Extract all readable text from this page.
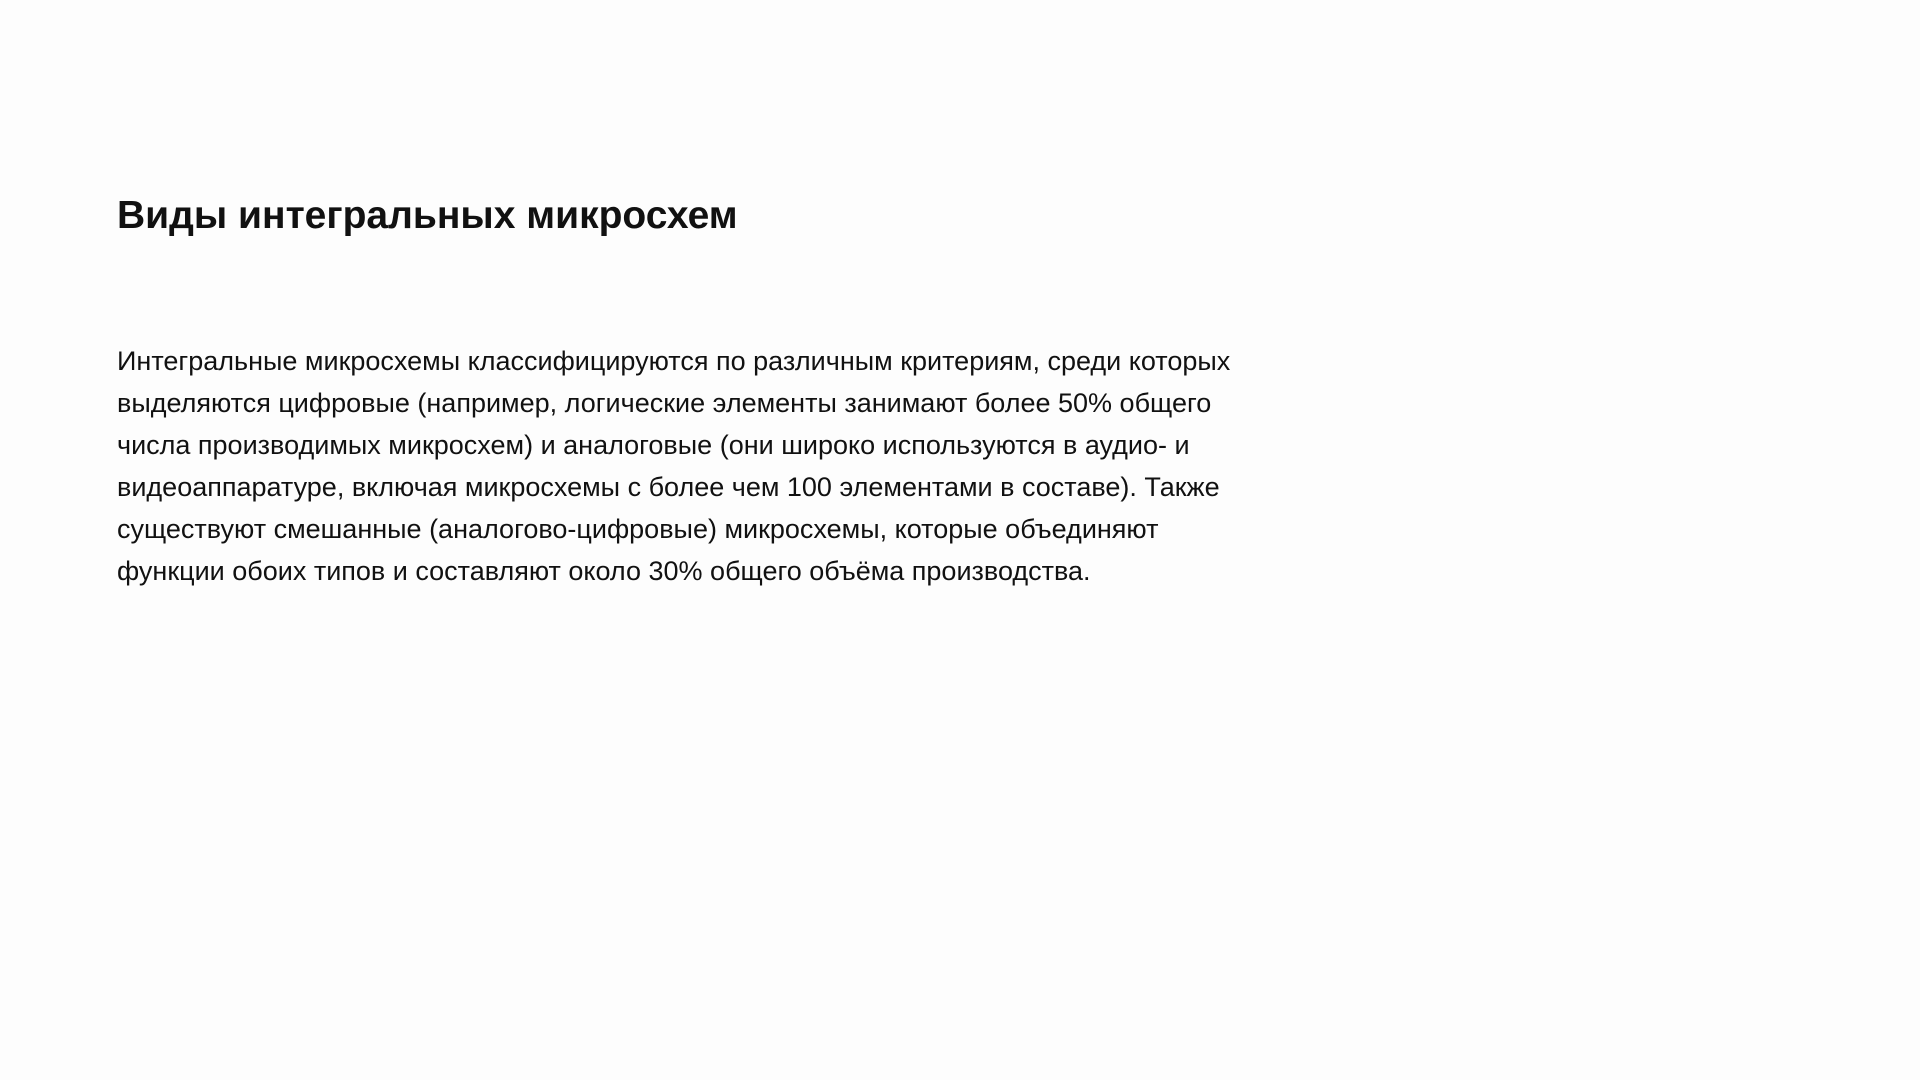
Виды интегральных микросхем

Интегральные микросхемы классифицируются по различным критериям, среди которых
выделяются цифровые (например, логические элементы занимают более 50% общего
числа производимых микросхем) и аналоговые (они широко используются в аудио- и
видеоаппаратуре, включая микросхемы с более чем 100 элементами в составе). Также
существуют смешанные (аналогово-цифровые) микросхемы, которые объединяют
функции обоих типов и составляют около 30% общего объёма производства.
